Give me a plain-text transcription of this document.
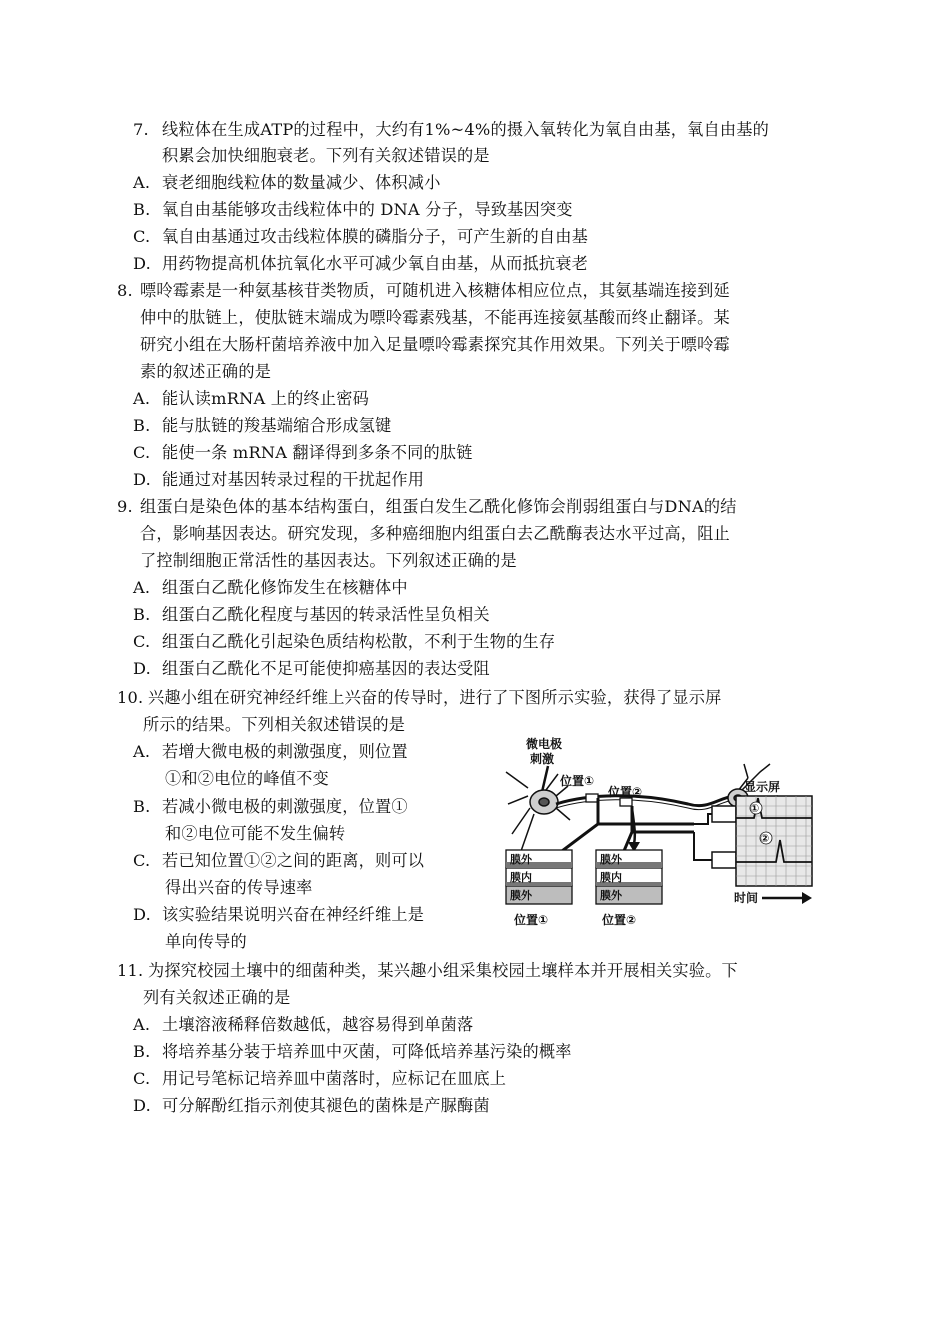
7. 线粒体在生成ATP的过程中，大约有1%~4%的摄入氧转化为氧自由基，氧自由基的
积累会加快细胞衰老。下列有关叙述错误的是
A. 衰老细胞线粒体的数量减少、体积减小
B. 氧自由基能够攻击线粒体中的 DNA 分子，导致基因突变
C. 氧自由基通过攻击线粒体膜的磷脂分子，可产生新的自由基
D. 用药物提高机体抗氧化水平可减少氧自由基，从而抵抗衰老
8. 嘌呤霉素是一种氨基核苷类物质，可随机进入核糖体相应位点，其氨基端连接到延
伸中的肽链上，使肽链末端成为嘌呤霉素残基，不能再连接氨基酸而终止翻译。某
研究小组在大肠杆菌培养液中加入足量嘌呤霉素探究其作用效果。下列关于嘌呤霉
素的叙述正确的是
A. 能认读mRNA 上的终止密码
B. 能与肽链的羧基端缩合形成氢键
C. 能使一条 mRNA 翻译得到多条不同的肽链
D. 能通过对基因转录过程的干扰起作用
9. 组蛋白是染色体的基本结构蛋白，组蛋白发生乙酰化修饰会削弱组蛋白与DNA的结
合，影响基因表达。研究发现，多种癌细胞内组蛋白去乙酰酶表达水平过高，阻止
了控制细胞正常活性的基因表达。下列叙述正确的是
A. 组蛋白乙酰化修饰发生在核糖体中
B. 组蛋白乙酰化程度与基因的转录活性呈负相关
C. 组蛋白乙酰化引起染色质结构松散，不利于生物的生存
D. 组蛋白乙酰化不足可能使抑癌基因的表达受阻
10. 兴趣小组在研究神经纤维上兴奋的传导时，进行了下图所示实验，获得了显示屏
所示的结果。下列相关叙述错误的是
A. 若增大微电极的刺激强度，则位置
①和②电位的峰值不变
B. 若减小微电极的刺激强度，位置①
和②电位可能不发生偏转
C. 若已知位置①②之间的距离，则可以
得出兴奋的传导速率
D. 该实验结果说明兴奋在神经纤维上是
单向传导的
微电极
刺激
位置①
位置②	显示屏
①
②
时间
膜外
膜内
膜外
位置①
膜外
膜内
膜外
位置②
11. 为探究校园土壤中的细菌种类，某兴趣小组采集校园土壤样本并开展相关实验。下
列有关叙述正确的是
A. 土壤溶液稀释倍数越低，越容易得到单菌落
B. 将培养基分装于培养皿中灭菌，可降低培养基污染的概率
C. 用记号笔标记培养皿中菌落时，应标记在皿底上
D. 可分解酚红指示剂使其褪色的菌株是产脲酶菌
